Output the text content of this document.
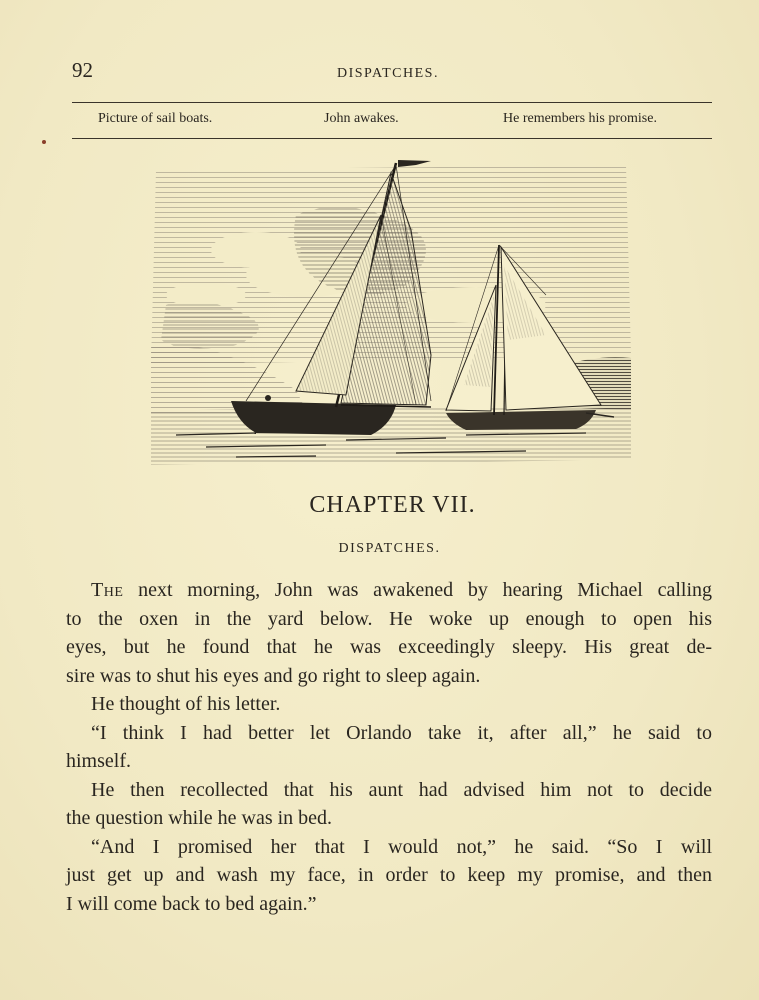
92	DISPATCHES.
Picture of sail boats.	John awakes.	He remembers his promise.
CHAPTER VII.
DISPATCHES.
The next morning, John was awakened by hearing Michael calling
to the oxen in the yard below. He woke up enough to open his
eyes, but he found that he was exceedingly sleepy. His great de-
sire was to shut his eyes and go right to sleep again.
He thought of his letter.
“I think I had better let Orlando take it, after all,” he said to
himself.
He then recollected that his aunt had advised him not to decide
the question while he was in bed.
“And I promised her that I would not,” he said. “So I will
just get up and wash my face, in order to keep my promise, and then
I will come back to bed again.”
